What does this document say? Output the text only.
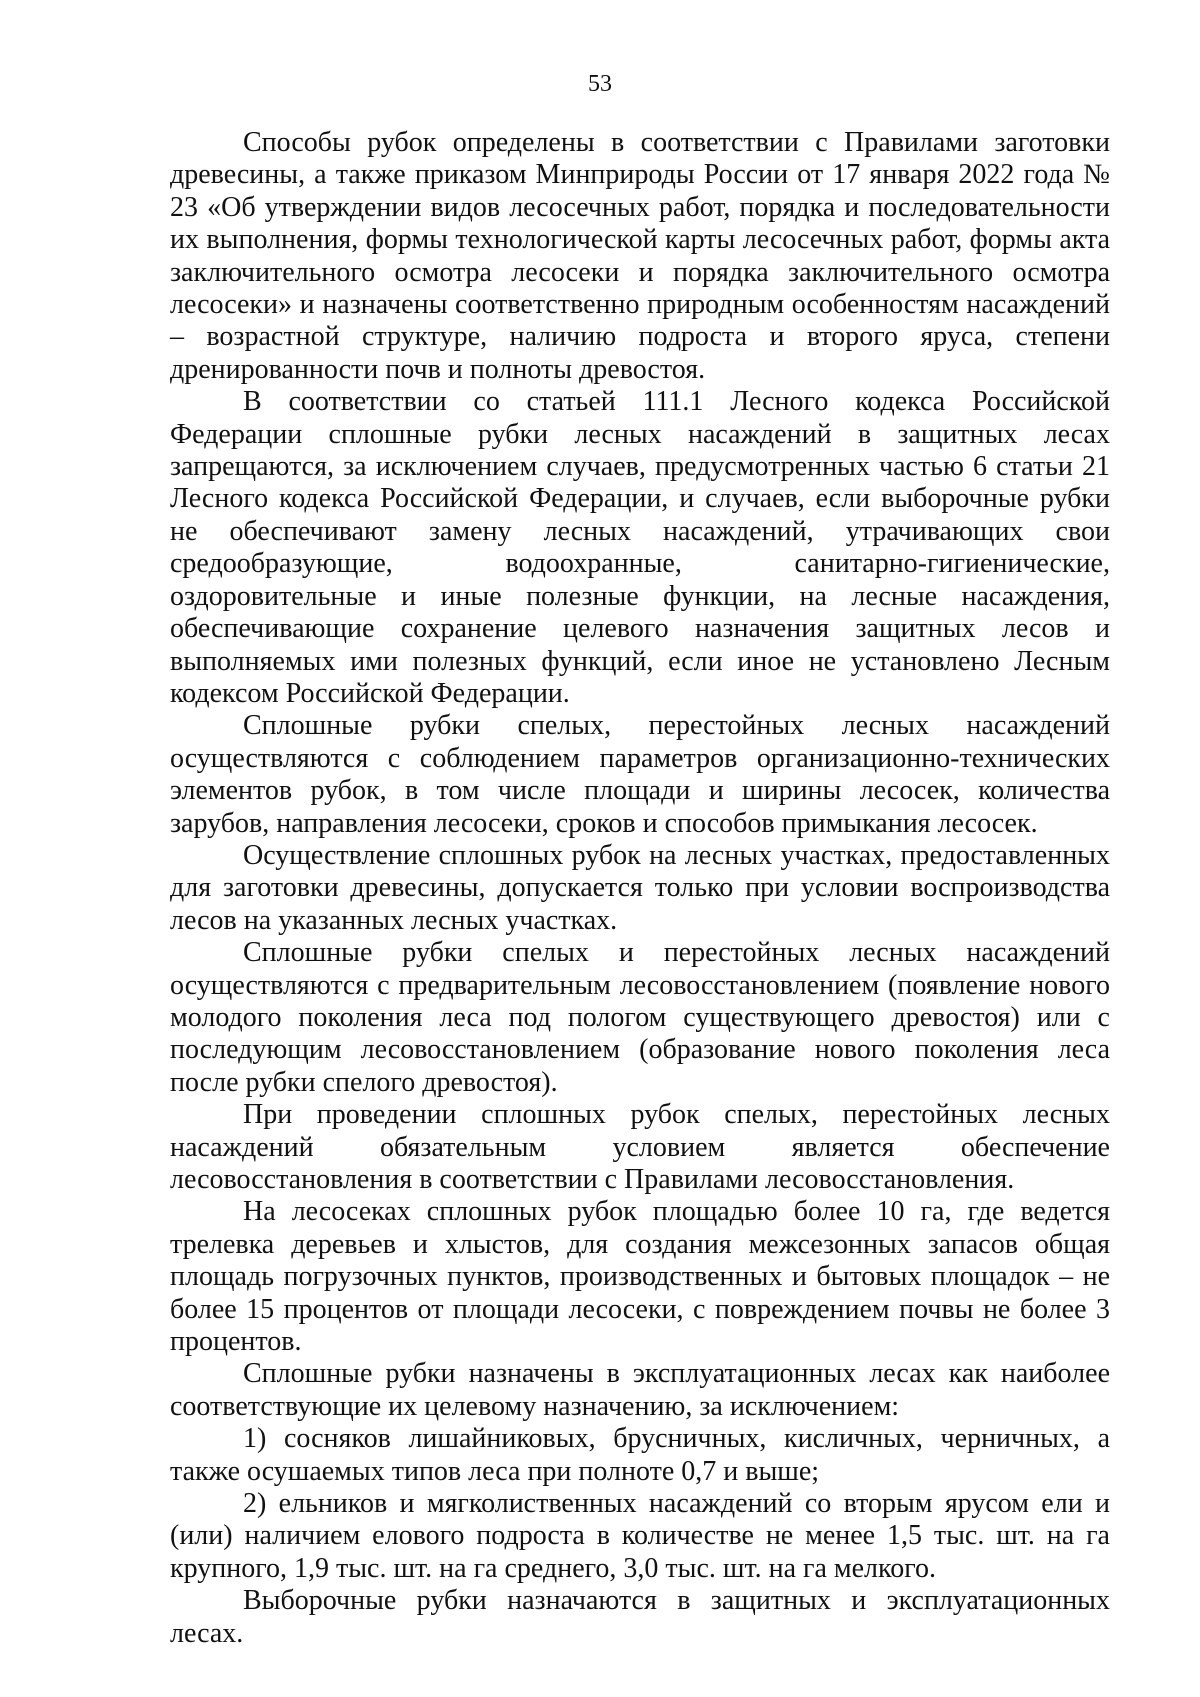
53

Способы рубок определены в соответствии с Правилами заготовки древесины, а также приказом Минприроды России от 17 января 2022 года № 23 «Об утверждении видов лесосечных работ, порядка и последовательности их выполнения, формы технологической карты лесосечных работ, формы акта заключительного осмотра лесосеки и порядка заключительного осмотра лесосеки» и назначены соответственно природным особенностям насаждений – возрастной структуре, наличию подроста и второго яруса, степени дренированности почв и полноты древостоя.

В соответствии со статьей 111.1 Лесного кодекса Российской Федерации сплошные рубки лесных насаждений в защитных лесах запрещаются, за исключением случаев, предусмотренных частью 6 статьи 21 Лесного кодекса Российской Федерации, и случаев, если выборочные рубки не обеспечивают замену лесных насаждений, утрачивающих свои средообразующие, водоохранные, санитарно-гигиенические, оздоровительные и иные полезные функции, на лесные насаждения, обеспечивающие сохранение целевого назначения защитных лесов и выполняемых ими полезных функций, если иное не установлено Лесным кодексом Российской Федерации.

Сплошные рубки спелых, перестойных лесных насаждений осуществляются с соблюдением параметров организационно-технических элементов рубок, в том числе площади и ширины лесосек, количества зарубов, направления лесосеки, сроков и способов примыкания лесосек.

Осуществление сплошных рубок на лесных участках, предоставленных для заготовки древесины, допускается только при условии воспроизводства лесов на указанных лесных участках.

Сплошные рубки спелых и перестойных лесных насаждений осуществляются с предварительным лесовосстановлением (появление нового молодого поколения леса под пологом существующего древостоя) или с последующим лесовосстановлением (образование нового поколения леса после рубки спелого древостоя).

При проведении сплошных рубок спелых, перестойных лесных насаждений обязательным условием является обеспечение лесовосстановления в соответствии с Правилами лесовосстановления.

На лесосеках сплошных рубок площадью более 10 га, где ведется трелевка деревьев и хлыстов, для создания межсезонных запасов общая площадь погрузочных пунктов, производственных и бытовых площадок – не более 15 процентов от площади лесосеки, с повреждением почвы не более 3 процентов.

Сплошные рубки назначены в эксплуатационных лесах как наиболее соответствующие их целевому назначению, за исключением:

1) сосняков лишайниковых, брусничных, кисличных, черничных, а также осушаемых типов леса при полноте 0,7 и выше;

2) ельников и мягколиственных насаждений со вторым ярусом ели и (или) наличием елового подроста в количестве не менее 1,5 тыс. шт. на га крупного, 1,9 тыс. шт. на га среднего, 3,0 тыс. шт. на га мелкого.

Выборочные рубки назначаются в защитных и эксплуатационных лесах.
